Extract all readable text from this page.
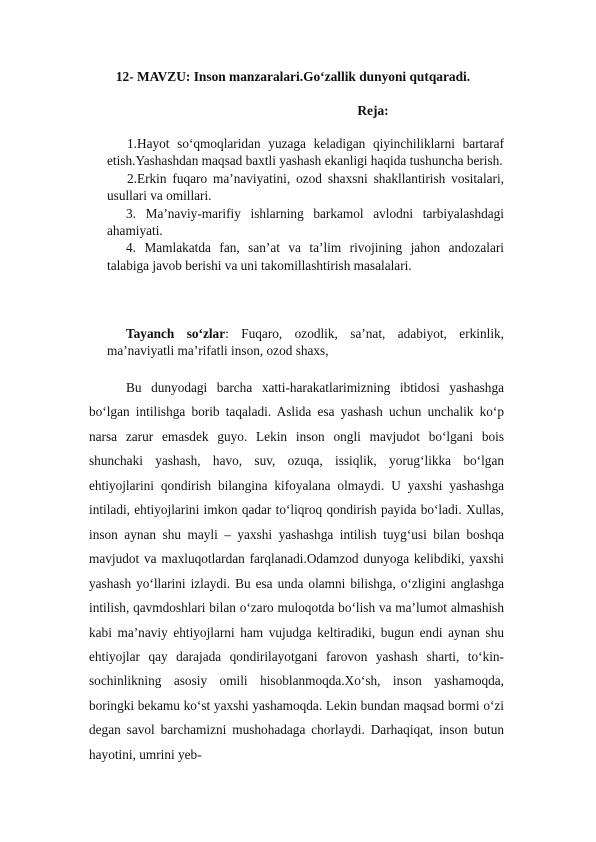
12- MAVZU: Inson manzaralari.Go‘zallik dunyoni qutqaradi.
Reja:

1.Hayot so‘qmoqlaridan yuzaga keladigan qiyinchiliklarni bartaraf etish.Yashashdan maqsad baxtli yashash ekanligi haqida tushuncha berish.

2.Erkin fuqaro ma’naviyatini, ozod shaxsni shakllantirish vositalari, usullari va omillari.

3. Ma’naviy-marifiy ishlarning barkamol avlodni tarbiyalashdagi ahamiyati.

4. Mamlakatda fan, san’at va ta’lim rivojining jahon andozalari talabiga javob berishi va uni takomillashtirish masalalari.

Tayanch so‘zlar: Fuqaro, ozodlik, sa’nat, adabiyot, erkinlik, ma’naviyatli ma’rifatli inson, ozod shaxs,

Bu dunyodagi barcha xatti-harakatlarimizning ibtidosi yashashga bo‘lgan intilishga borib taqaladi. Aslida esa yashash uchun unchalik ko‘p narsa zarur emasdek guyo. Lekin inson ongli mavjudot bo‘lgani bois shunchaki yashash, havo, suv, ozuqa, issiqlik, yorug‘likka bo‘lgan ehtiyojlarini qondirish bilangina kifoyalana olmaydi. U yaxshi yashashga intiladi, ehtiyojlarini imkon qadar to‘liqroq qondirish payida bo‘ladi. Xullas, inson aynan shu mayli – yaxshi yashashga intilish tuyg‘usi bilan boshqa mavjudot va maxluqotlardan farqlanadi.Odamzod dunyoga kelibdiki, yaxshi yashash yo‘llarini izlaydi. Bu esa unda olamni bilishga, o‘zligini anglashga intilish, qavmdoshlari bilan o‘zaro muloqotda bo‘lish va ma’lumot almashish kabi ma’naviy ehtiyojlarni ham vujudga keltiradiki, bugun endi aynan shu ehtiyojlar qay darajada qondirilayotgani farovon yashash sharti, to‘kin-sochinlikning asosiy omili hisoblanmoqda.Xo‘sh, inson yashamoqda, boringki bekamu ko‘st yaxshi yashamoqda. Lekin bundan maqsad bormi o‘zi degan savol barchamizni mushohadaga chorlaydi. Darhaqiqat, inson butun hayotini, umrini yeb-
